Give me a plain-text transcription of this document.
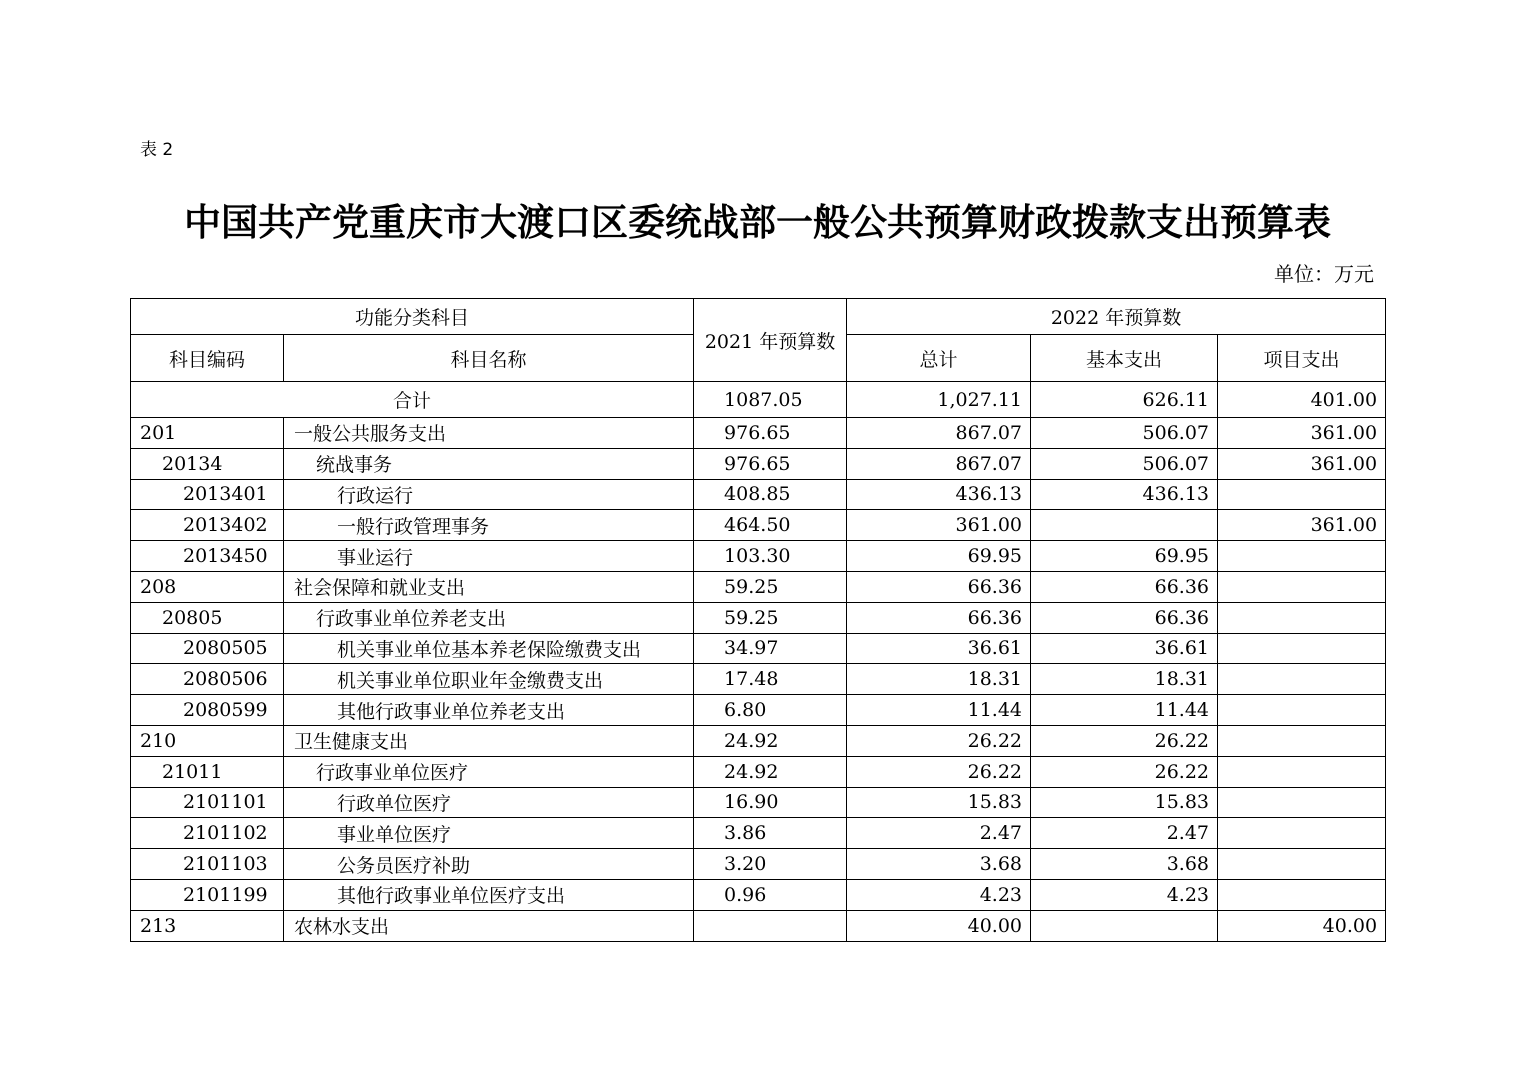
表 2
中国共产党重庆市大渡口区委统战部一般公共预算财政拨款支出预算表
单位：万元
功能分类科目		2021 年预算数	2022 年预算数		
科目编码	科目名称		总计	基本支出	项目支出
合计		1087.05	1,027.11	626.11	401.00
201	一般公共服务支出	976.65	867.07	506.07	361.00
20134	统战事务	976.65	867.07	506.07	361.00
2013401	行政运行	408.85	436.13	436.13	
2013402	一般行政管理事务	464.50	361.00		361.00
2013450	事业运行	103.30	69.95	69.95	
208	社会保障和就业支出	59.25	66.36	66.36	
20805	行政事业单位养老支出	59.25	66.36	66.36	
2080505	机关事业单位基本养老保险缴费支出	34.97	36.61	36.61	
2080506	机关事业单位职业年金缴费支出	17.48	18.31	18.31	
2080599	其他行政事业单位养老支出	6.80	11.44	11.44	
210	卫生健康支出	24.92	26.22	26.22	
21011	行政事业单位医疗	24.92	26.22	26.22	
2101101	行政单位医疗	16.90	15.83	15.83	
2101102	事业单位医疗	3.86	2.47	2.47	
2101103	公务员医疗补助	3.20	3.68	3.68	
2101199	其他行政事业单位医疗支出	0.96	4.23	4.23	
213	农林水支出		40.00		40.00
